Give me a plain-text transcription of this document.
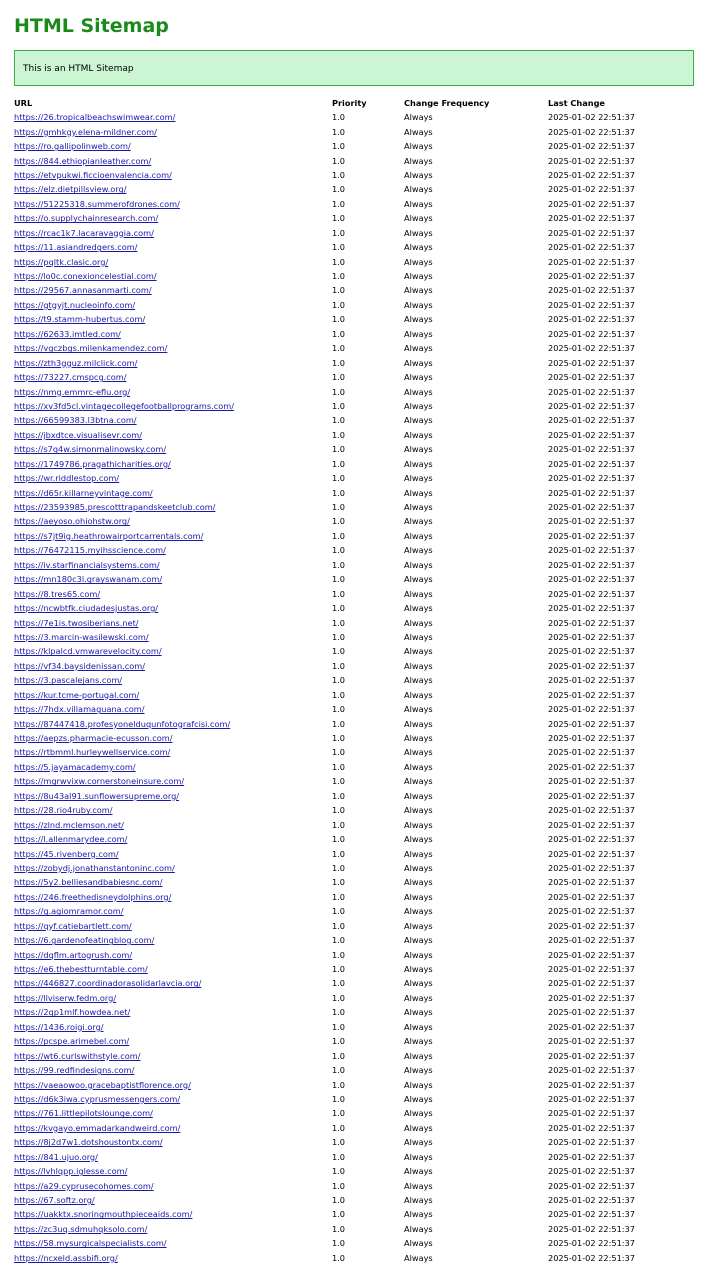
HTML Sitemap
This is an HTML Sitemap
URL	Priority	Change Frequency	Last Change
https://26.tropicalbeachswimwear.com/	1.0	Always	2025-01-02 22:51:37
https://gmhkgy.elena-mildner.com/	1.0	Always	2025-01-02 22:51:37
https://ro.gallipolinweb.com/	1.0	Always	2025-01-02 22:51:37
https://844.ethiopianleather.com/	1.0	Always	2025-01-02 22:51:37
https://etvpukwi.ficcioenvalencia.com/	1.0	Always	2025-01-02 22:51:37
https://elz.dietpillsview.org/	1.0	Always	2025-01-02 22:51:37
https://51225318.summerofdrones.com/	1.0	Always	2025-01-02 22:51:37
https://o.supplychainresearch.com/	1.0	Always	2025-01-02 22:51:37
https://rcac1k7.lacaravaggia.com/	1.0	Always	2025-01-02 22:51:37
https://11.asiandredgers.com/	1.0	Always	2025-01-02 22:51:37
https://pqltk.clasic.org/	1.0	Always	2025-01-02 22:51:37
https://lo0c.conexioncelestial.com/	1.0	Always	2025-01-02 22:51:37
https://29567.annasanmarti.com/	1.0	Always	2025-01-02 22:51:37
https://gtgyjt.nucleoinfo.com/	1.0	Always	2025-01-02 22:51:37
https://t9.stamm-hubertus.com/	1.0	Always	2025-01-02 22:51:37
https://62633.imtled.com/	1.0	Always	2025-01-02 22:51:37
https://vgczbgs.milenkamendez.com/	1.0	Always	2025-01-02 22:51:37
https://zth3gguz.milclick.com/	1.0	Always	2025-01-02 22:51:37
https://73227.cmspcg.com/	1.0	Always	2025-01-02 22:51:37
https://nmg.emmrc-eflu.org/	1.0	Always	2025-01-02 22:51:37
https://xv3fd5cl.vintagecollegefootballprograms.com/	1.0	Always	2025-01-02 22:51:37
https://66599383.l3btna.com/	1.0	Always	2025-01-02 22:51:37
https://jbxdtce.visualisevr.com/	1.0	Always	2025-01-02 22:51:37
https://s7q4w.simonmalinowsky.com/	1.0	Always	2025-01-02 22:51:37
https://1749786.pragathicharities.org/	1.0	Always	2025-01-02 22:51:37
https://wr.riddlestop.com/	1.0	Always	2025-01-02 22:51:37
https://d65r.killarneyvintage.com/	1.0	Always	2025-01-02 22:51:37
https://23593985.prescotttrapandskeetclub.com/	1.0	Always	2025-01-02 22:51:37
https://aeyoso.ohiohstw.org/	1.0	Always	2025-01-02 22:51:37
https://s7jt9ig.heathrowairportcarrentals.com/	1.0	Always	2025-01-02 22:51:37
https://76472115.myihsscience.com/	1.0	Always	2025-01-02 22:51:37
https://iv.starfinancialsystems.com/	1.0	Always	2025-01-02 22:51:37
https://mn180c3l.grayswanam.com/	1.0	Always	2025-01-02 22:51:37
https://8.tres65.com/	1.0	Always	2025-01-02 22:51:37
https://ncwbtfk.ciudadesjustas.org/	1.0	Always	2025-01-02 22:51:37
https://7e1is.twosiberians.net/	1.0	Always	2025-01-02 22:51:37
https://3.marcin-wasilewski.com/	1.0	Always	2025-01-02 22:51:37
https://klpalcd.vmwarevelocity.com/	1.0	Always	2025-01-02 22:51:37
https://vf34.baysidenissan.com/	1.0	Always	2025-01-02 22:51:37
https://3.pascalejans.com/	1.0	Always	2025-01-02 22:51:37
https://kur.tcme-portugal.com/	1.0	Always	2025-01-02 22:51:37
https://7hdx.villamaguana.com/	1.0	Always	2025-01-02 22:51:37
https://87447418.profesyonelduqunfotografcisi.com/	1.0	Always	2025-01-02 22:51:37
https://aepzs.pharmacie-ecusson.com/	1.0	Always	2025-01-02 22:51:37
https://rtbmml.hurleywellservice.com/	1.0	Always	2025-01-02 22:51:37
https://5.jayamacademy.com/	1.0	Always	2025-01-02 22:51:37
https://mgrwvixw.cornerstoneinsure.com/	1.0	Always	2025-01-02 22:51:37
https://8u43al91.sunflowersupreme.org/	1.0	Always	2025-01-02 22:51:37
https://28.rio4ruby.com/	1.0	Always	2025-01-02 22:51:37
https://zlnd.mclemson.net/	1.0	Always	2025-01-02 22:51:37
https://l.allenmarydee.com/	1.0	Always	2025-01-02 22:51:37
https://45.rivenberg.com/	1.0	Always	2025-01-02 22:51:37
https://zobydj.jonathanstantoninc.com/	1.0	Always	2025-01-02 22:51:37
https://5y2.belliesandbabiesnc.com/	1.0	Always	2025-01-02 22:51:37
https://246.freethedisneydolphins.org/	1.0	Always	2025-01-02 22:51:37
https://g.agiomramor.com/	1.0	Always	2025-01-02 22:51:37
https://qyf.catiebartlett.com/	1.0	Always	2025-01-02 22:51:37
https://6.gardenofeatingblog.com/	1.0	Always	2025-01-02 22:51:37
https://dqflm.artogrush.com/	1.0	Always	2025-01-02 22:51:37
https://e6.thebestturntable.com/	1.0	Always	2025-01-02 22:51:37
https://446827.coordinadorasolidarlavcia.org/	1.0	Always	2025-01-02 22:51:37
https://llviserw.fedm.org/	1.0	Always	2025-01-02 22:51:37
https://2qp1mlf.howdea.net/	1.0	Always	2025-01-02 22:51:37
https://1436.roigi.org/	1.0	Always	2025-01-02 22:51:37
https://pcspe.arimebel.com/	1.0	Always	2025-01-02 22:51:37
https://wt6.curlswithstyle.com/	1.0	Always	2025-01-02 22:51:37
https://99.redfindesigns.com/	1.0	Always	2025-01-02 22:51:37
https://vaeaowoo.gracebaptistflorence.org/	1.0	Always	2025-01-02 22:51:37
https://d6k3iwa.cyprusmessengers.com/	1.0	Always	2025-01-02 22:51:37
https://761.littlepilotslounge.com/	1.0	Always	2025-01-02 22:51:37
https://kvgayo.emmadarkandweird.com/	1.0	Always	2025-01-02 22:51:37
https://8j2d7w1.dotshoustontx.com/	1.0	Always	2025-01-02 22:51:37
https://841.ujuo.org/	1.0	Always	2025-01-02 22:51:37
https://lvhlqpp.iglesse.com/	1.0	Always	2025-01-02 22:51:37
https://a29.cyprusecohomes.com/	1.0	Always	2025-01-02 22:51:37
https://67.softz.org/	1.0	Always	2025-01-02 22:51:37
https://uakktx.snoringmouthpieceaids.com/	1.0	Always	2025-01-02 22:51:37
https://zc3uq.sdmuhqksolo.com/	1.0	Always	2025-01-02 22:51:37
https://58.mysurgicalspecialists.com/	1.0	Always	2025-01-02 22:51:37
https://ncxeld.assbifi.org/	1.0	Always	2025-01-02 22:51:37
